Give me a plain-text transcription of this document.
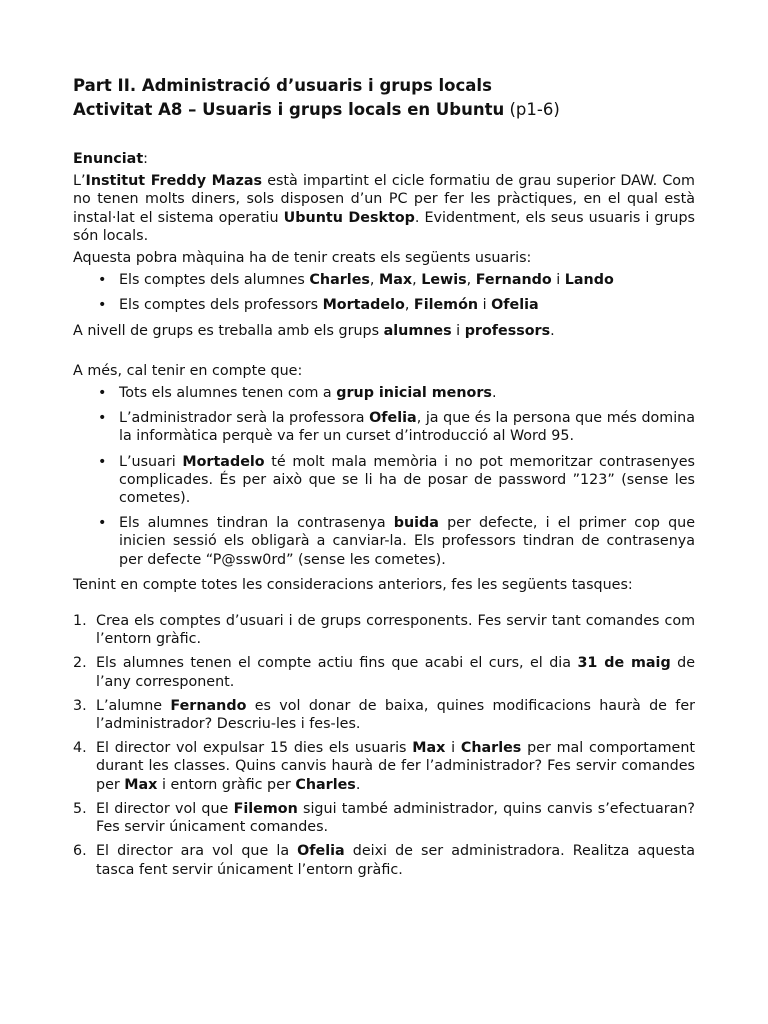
Part II. Administració d’usuaris i grups locals
Activitat A8 – Usuaris i grups locals en Ubuntu (p1-6)

Enunciat:

L’Institut Freddy Mazas està impartint el cicle formatiu de grau superior DAW. Com no tenen molts diners, sols disposen d’un PC per fer les pràctiques, en el qual està instal·lat el sistema operatiu Ubuntu Desktop. Evidentment, els seus usuaris i grups són locals.

Aquesta pobra màquina ha de tenir creats els següents usuaris:

• Els comptes dels alumnes Charles, Max, Lewis, Fernando i Lando
• Els comptes dels professors Mortadelo, Filemón i Ofelia

A nivell de grups es treballa amb els grups alumnes i professors.

A més, cal tenir en compte que:

• Tots els alumnes tenen com a grup inicial menors.
• L’administrador serà la professora Ofelia, ja que és la persona que més domina la informàtica perquè va fer un curset d’introducció al Word 95.
• L’usuari Mortadelo té molt mala memòria i no pot memoritzar contrasenyes complicades. És per això que se li ha de posar de password ”123” (sense les cometes).
• Els alumnes tindran la contrasenya buida per defecte, i el primer cop que inicien sessió els obligarà a canviar-la. Els professors tindran de contrasenya per defecte “P@ssw0rd” (sense les cometes).

Tenint en compte totes les consideracions anteriors, fes les següents tasques:

1. Crea els comptes d’usuari i de grups corresponents. Fes servir tant comandes com l’entorn gràfic.
2. Els alumnes tenen el compte actiu fins que acabi el curs, el dia 31 de maig de l’any corresponent.
3. L’alumne Fernando es vol donar de baixa, quines modificacions haurà de fer l’administrador? Descriu-les i fes-les.
4. El director vol expulsar 15 dies els usuaris Max i Charles per mal comportament durant les classes. Quins canvis haurà de fer l’administrador? Fes servir comandes per Max i entorn gràfic per Charles.
5. El director vol que Filemon sigui també administrador, quins canvis s’efectuaran? Fes servir únicament comandes.
6. El director ara vol que la Ofelia deixi de ser administradora. Realitza aquesta tasca fent servir únicament l’entorn gràfic.
